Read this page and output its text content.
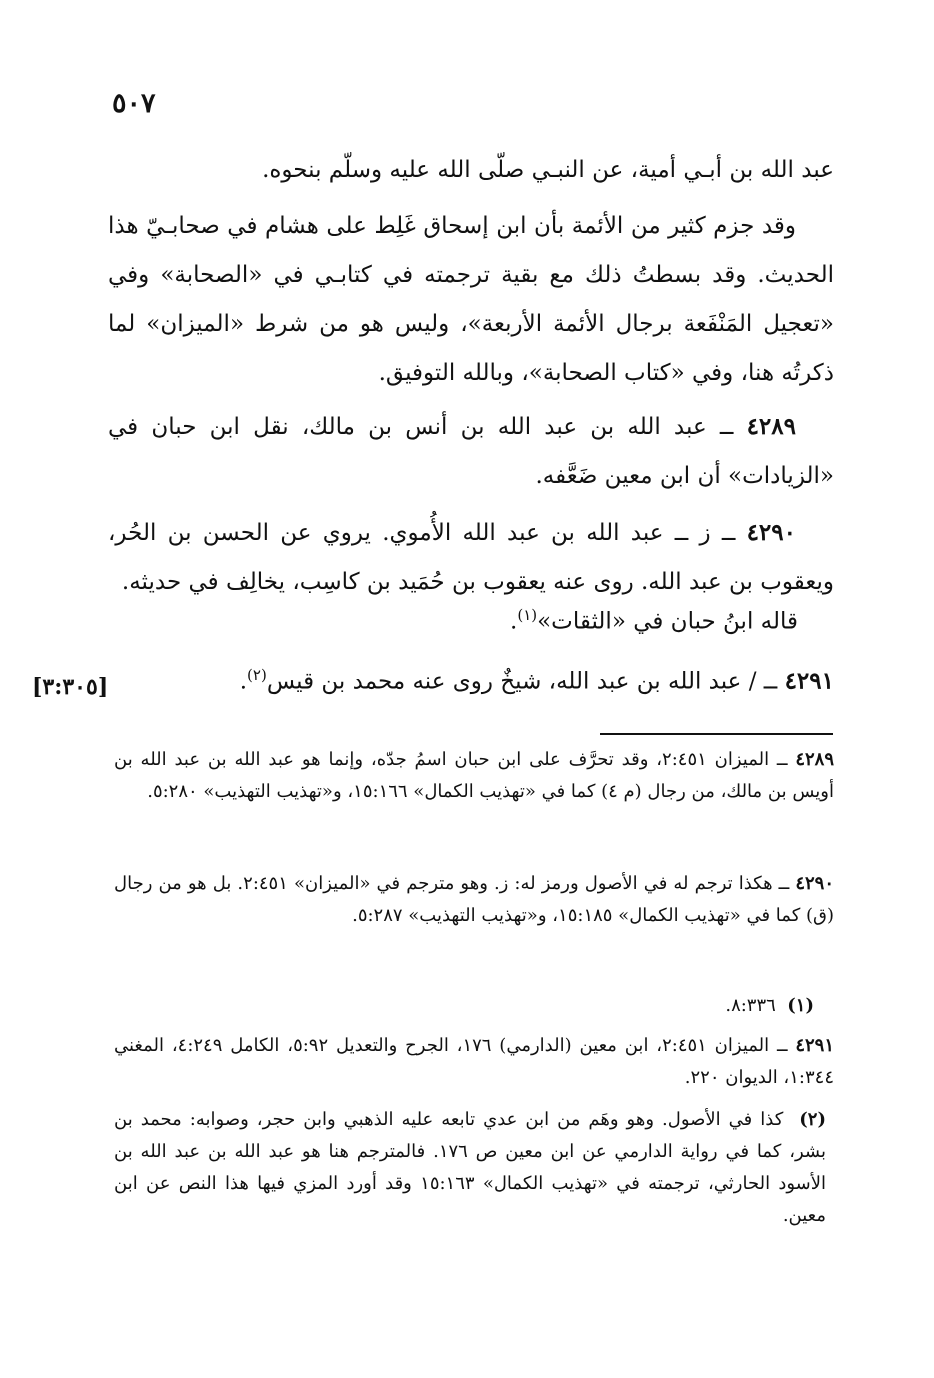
٥٠٧

عبد الله بن أبـي أمية، عن النبـي صلّى الله عليه وسلّم بنحوه.

وقد جزم كثير من الأئمة بأن ابن إسحاق غَلِط على هشام في صحابـيّ هذا الحديث. وقد بسطتُ ذلك مع بقية ترجمته في كتابـي في «الصحابة» وفي «تعجيل المَنْفَعة برجال الأئمة الأربعة»، وليس هو من شرط «الميزان» لما ذكرتُه هنا، وفي «كتاب الصحابة»، وبالله التوفيق.

٤٢٨٩ ــ عبد الله بن عبد الله بن أنس بن مالك، نقل ابن حبان في «الزيادات» أن ابن معين ضَعَّفه.

٤٢٩٠ ــ ز ــ عبد الله بن عبد الله الأُموي. يروي عن الحسن بن الحُر، ويعقوب بن عبد الله. روى عنه يعقوب بن حُمَيد بن كاسِب، يخالِف في حديثه.

قاله ابنُ حبان في «الثقات»$^{(١)}$.
٤٢٩١ ــ / عبد الله بن عبد الله، شيخٌ روى عنه محمد بن قيس$^{(٢)}$.
[٣:٣٠٥]
٤٢٨٩ ــ الميزان ٢:٤٥١، وقد تحرَّف على ابن حبان اسمُ جدّه، وإنما هو عبد الله بن عبد الله بن أويس بن مالك، من رجال (م ٤) كما في «تهذيب الكمال» ١٥:١٦٦، و«تهذيب التهذيب» ٥:٢٨٠.
٤٢٩٠ ــ هكذا ترجم له في الأصول ورمز له: ز. وهو مترجم في «الميزان» ٢:٤٥١. بل هو من رجال (ق) كما في «تهذيب الكمال» ١٥:١٨٥، و«تهذيب التهذيب» ٥:٢٨٧.
(١)  ٨:٣٣٦.
٤٢٩١ ــ الميزان ٢:٤٥١، ابن معين (الدارمي) ١٧٦، الجرح والتعديل ٥:٩٢، الكامل ٤:٢٤٩، المغني ١:٣٤٤، الديوان ٢٢٠.
(٢)  كذا في الأصول. وهو وهَم من ابن عدي تابعه عليه الذهبي وابن حجر، وصوابه: محمد بن بشر، كما في رواية الدارمي عن ابن معين ص ١٧٦. فالمترجم هنا هو عبد الله بن عبد الله بن الأسود الحارثي، ترجمته في «تهذيب الكمال» ١٥:١٦٣ وقد أورد المزي فيها هذا النص عن ابن معين.
